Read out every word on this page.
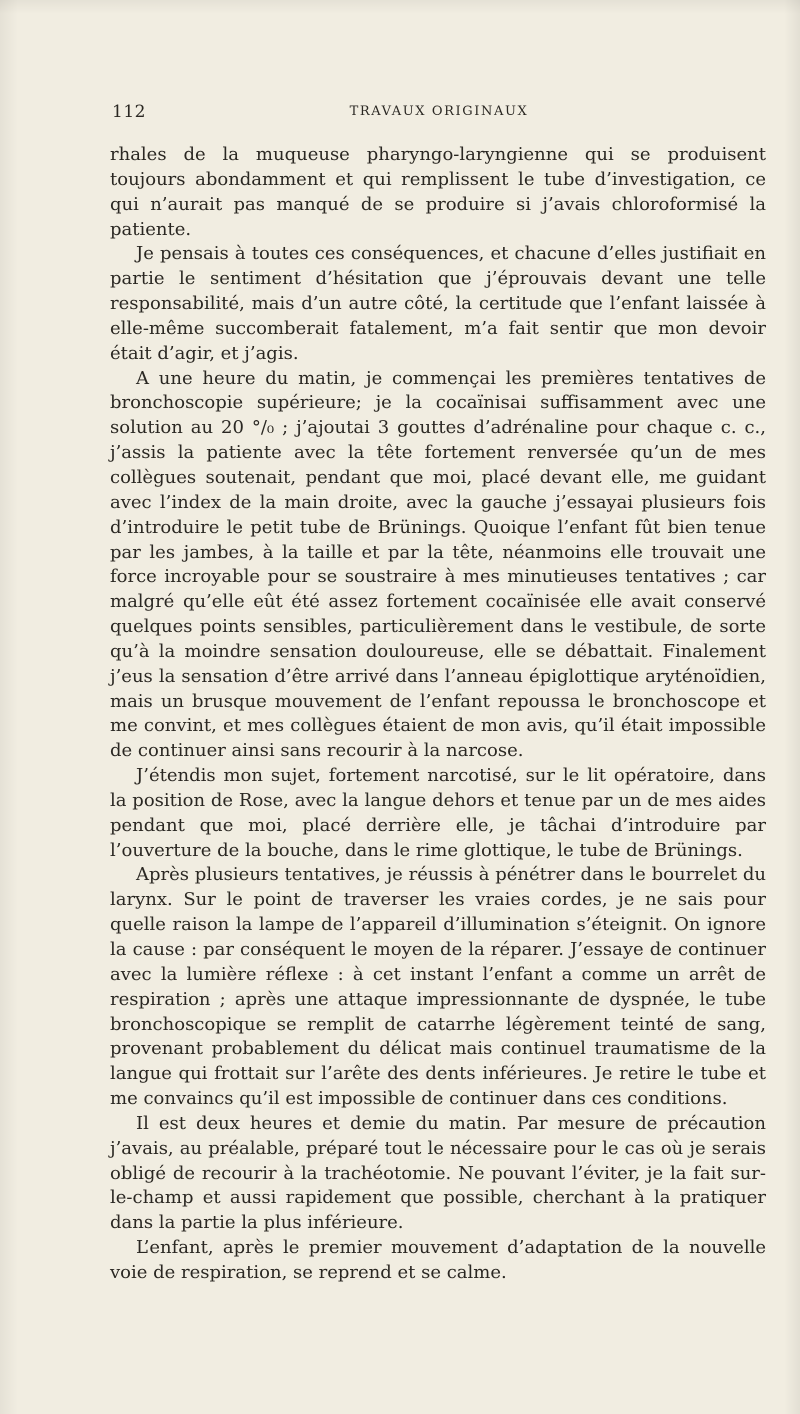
112	TRAVAUX ORIGINAUX

rhales de la muqueuse pharyngo-laryngienne qui se produisent toujours abondamment et qui remplissent le tube d’investigation, ce qui n’aurait pas manqué de se produire si j’avais chloroformisé la patiente.

Je pensais à toutes ces conséquences, et chacune d’elles justifiait en partie le sentiment d’hésitation que j’éprouvais devant une telle responsabilité, mais d’un autre côté, la certitude que l’enfant laissée à elle-même succomberait fatalement, m’a fait sentir que mon devoir était d’agir, et j’agis.

A une heure du matin, je commençai les premières tentatives de bronchoscopie supérieure; je la cocaïnisai suffisamment avec une solution au 20 °/₀ ; j’ajoutai 3 gouttes d’adrénaline pour chaque c. c., j’assis la patiente avec la tête fortement renversée qu’un de mes collègues soutenait, pendant que moi, placé devant elle, me guidant avec l’index de la main droite, avec la gauche j’essayai plusieurs fois d’introduire le petit tube de Brünings. Quoique l’enfant fût bien tenue par les jambes, à la taille et par la tête, néanmoins elle trouvait une force incroyable pour se soustraire à mes minutieuses tentatives ; car malgré qu’elle eût été assez fortement cocaïnisée elle avait conservé quelques points sensibles, particulièrement dans le vestibule, de sorte qu’à la moindre sensation douloureuse, elle se débattait. Finalement j’eus la sensation d’être arrivé dans l’anneau épiglottique aryténoïdien, mais un brusque mouvement de l’enfant repoussa le bronchoscope et me convint, et mes collègues étaient de mon avis, qu’il était impossible de continuer ainsi sans recourir à la narcose.

J’étendis mon sujet, fortement narcotisé, sur le lit opératoire, dans la position de Rose, avec la langue dehors et tenue par un de mes aides pendant que moi, placé derrière elle, je tâchai d’introduire par l’ouverture de la bouche, dans le rime glottique, le tube de Brünings.

Après plusieurs tentatives, je réussis à pénétrer dans le bourrelet du larynx. Sur le point de traverser les vraies cordes, je ne sais pour quelle raison la lampe de l’appareil d’illumination s’éteignit. On ignore la cause : par conséquent le moyen de la réparer. J’essaye de continuer avec la lumière réflexe : à cet instant l’enfant a comme un arrêt de respiration ; après une attaque impressionnante de dyspnée, le tube bronchoscopique se remplit de catarrhe légèrement teinté de sang, provenant probablement du délicat mais continuel traumatisme de la langue qui frottait sur l’arête des dents inférieures. Je retire le tube et me convaincs qu’il est impossible de continuer dans ces conditions.

Il est deux heures et demie du matin. Par mesure de précaution j’avais, au préalable, préparé tout le nécessaire pour le cas où je serais obligé de recourir à la trachéotomie. Ne pouvant l’éviter, je la fait sur-le-champ et aussi rapidement que possible, cherchant à la pratiquer dans la partie la plus inférieure.

L’enfant, après le premier mouvement d’adaptation de la nouvelle voie de respiration, se reprend et se calme.
